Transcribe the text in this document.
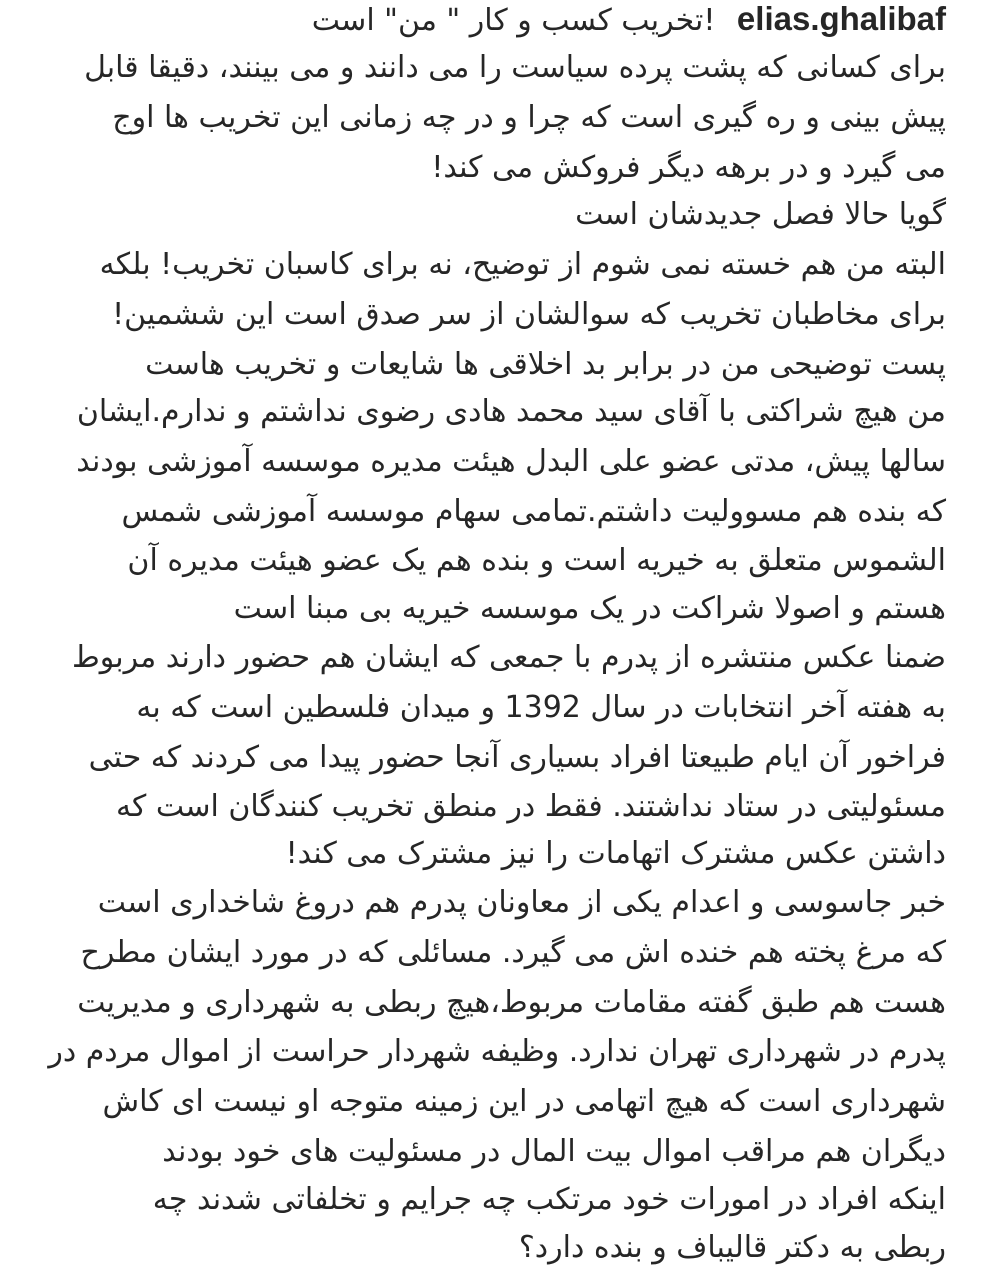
elias.ghalibaf !تخریب کسب و کار " من" است
برای کسانی که پشت پرده سیاست را می دانند و می بینند، دقیقا قابل
پیش بینی و ره گیری است که چرا و در چه زمانی این تخریب ها اوج
می گیرد و در برهه دیگر فروکش می کند!
گویا حالا فصل جدیدشان است
البته من هم خسته نمی شوم از توضیح، نه برای کاسبان تخریب! بلکه
برای مخاطبان تخریب که سوالشان از سر صدق است این ششمین!
پست توضیحی من در برابر بد اخلاقی ها شایعات و تخریب هاست
من هیچ شراکتی با آقای سید محمد هادی رضوی نداشتم و ندارم.ایشان
سالها پیش، مدتی عضو علی البدل هیئت مدیره موسسه آموزشی بودند
که بنده هم مسوولیت داشتم.تمامی سهام موسسه آموزشی شمس
الشموس متعلق به خیریه است و بنده هم یک عضو هیئت مدیره آن
هستم و اصولا شراکت در یک موسسه خیریه بی مبنا است
ضمنا عکس منتشره از پدرم با جمعی که ایشان هم حضور دارند مربوط
به هفته آخر انتخابات در سال 1392 و میدان فلسطین است که به
فراخور آن ایام طبیعتا افراد بسیاری آنجا حضور پیدا می کردند که حتی
مسئولیتی در ستاد نداشتند. فقط در منطق تخریب کنندگان است که
داشتن عکس مشترک اتهامات را نیز مشترک می کند!
خبر جاسوسی و اعدام یکی از معاونان پدرم هم دروغ شاخداری است
که مرغ پخته هم خنده اش می گیرد. مسائلی که در مورد ایشان مطرح
هست هم طبق گفته مقامات مربوط،هیچ ربطی به شهرداری و مدیریت
پدرم در شهرداری تهران ندارد. وظیفه شهردار حراست از اموال مردم در
شهرداری است که هیچ اتهامی در این زمینه متوجه او نیست ای کاش
دیگران هم مراقب اموال بیت المال در مسئولیت های خود بودند
اینکه افراد در امورات خود مرتکب چه جرایم و تخلفاتی شدند چه
ربطی به دکتر قالیباف و بنده دارد؟
